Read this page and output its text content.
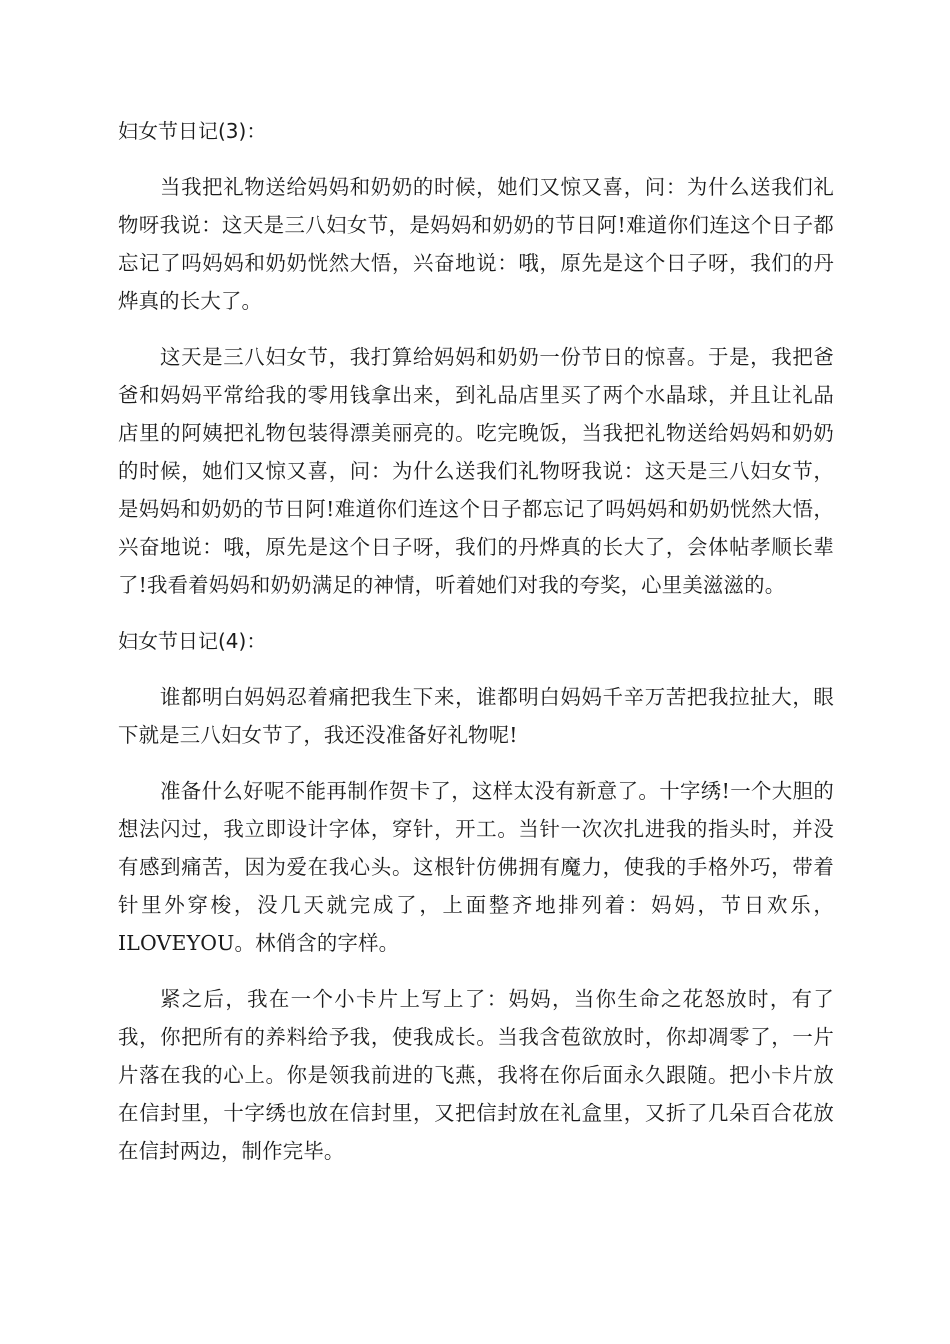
妇女节日记(3)：

当我把礼物送给妈妈和奶奶的时候，她们又惊又喜，问：为什么送我们礼物呀我说：这天是三八妇女节，是妈妈和奶奶的节日阿!难道你们连这个日子都忘记了吗妈妈和奶奶恍然大悟，兴奋地说：哦，原先是这个日子呀，我们的丹烨真的长大了。

这天是三八妇女节，我打算给妈妈和奶奶一份节日的惊喜。于是，我把爸爸和妈妈平常给我的零用钱拿出来，到礼品店里买了两个水晶球，并且让礼品店里的阿姨把礼物包装得漂美丽亮的。吃完晚饭，当我把礼物送给妈妈和奶奶的时候，她们又惊又喜，问：为什么送我们礼物呀我说：这天是三八妇女节，是妈妈和奶奶的节日阿!难道你们连这个日子都忘记了吗妈妈和奶奶恍然大悟，兴奋地说：哦，原先是这个日子呀，我们的丹烨真的长大了，会体帖孝顺长辈了!我看着妈妈和奶奶满足的神情，听着她们对我的夸奖，心里美滋滋的。

妇女节日记(4)：

谁都明白妈妈忍着痛把我生下来，谁都明白妈妈千辛万苦把我拉扯大，眼下就是三八妇女节了，我还没准备好礼物呢!

准备什么好呢不能再制作贺卡了，这样太没有新意了。十字绣!一个大胆的想法闪过，我立即设计字体，穿针，开工。当针一次次扎进我的指头时，并没有感到痛苦，因为爱在我心头。这根针仿佛拥有魔力，使我的手格外巧，带着针里外穿梭，没几天就完成了，上面整齐地排列着：妈妈，节日欢乐，ILOVEYOU。林俏含的字样。

紧之后，我在一个小卡片上写上了：妈妈，当你生命之花怒放时，有了我，你把所有的养料给予我，使我成长。当我含苞欲放时，你却凋零了，一片片落在我的心上。你是领我前进的飞燕，我将在你后面永久跟随。把小卡片放在信封里，十字绣也放在信封里，又把信封放在礼盒里，又折了几朵百合花放在信封两边，制作完毕。
